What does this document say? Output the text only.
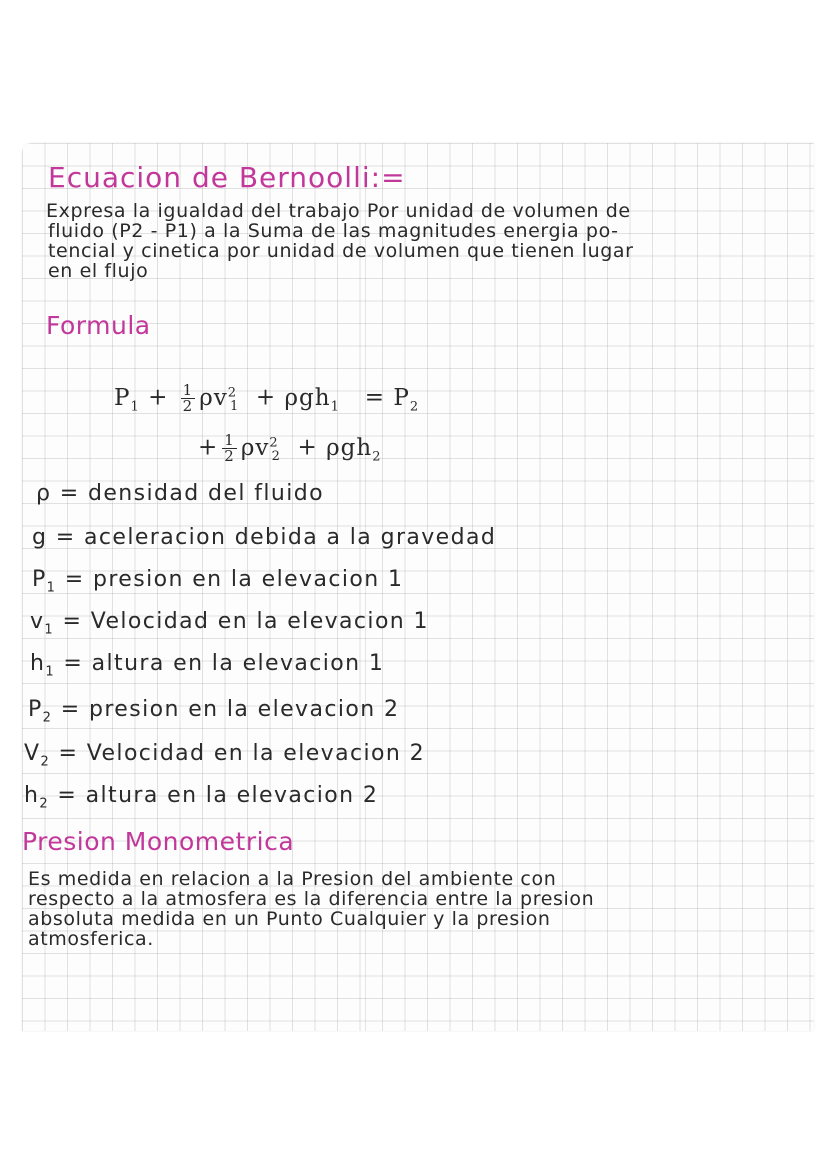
Ecuacion de Bernoolli:=
Expresa la igualdad del trabajo Por unidad de volumen de
fluido (P2 - P1) a la Suma de las magnitudes energia po-
tencial y cinetica por unidad de volumen que tienen lugar
en el flujo
Formula
$P_1 + \frac{1}{2} \rho v^2_1 + \rho gh_1 = P_2$
+ $\frac{1}{2} \rho v^2_2 + \rho gh_2$
ρ = densidad del fluido
g = aceleracion debida a la gravedad
$P_1$ = presion en la elevacion 1
$v_1$ = Velocidad en la elevacion 1
$h_1$ = altura en la elevacion 1
$P_2$ = presion en la elevacion 2
$V_2$ = Velocidad en la elevacion 2
$h_2$ = altura en la elevacion 2
Presion Monometrica
Es medida en relacion a la Presion del ambiente con
respecto a la atmosfera es la diferencia entre la presion
absoluta medida en un Punto Cualquier y la presion
atmosferica.
